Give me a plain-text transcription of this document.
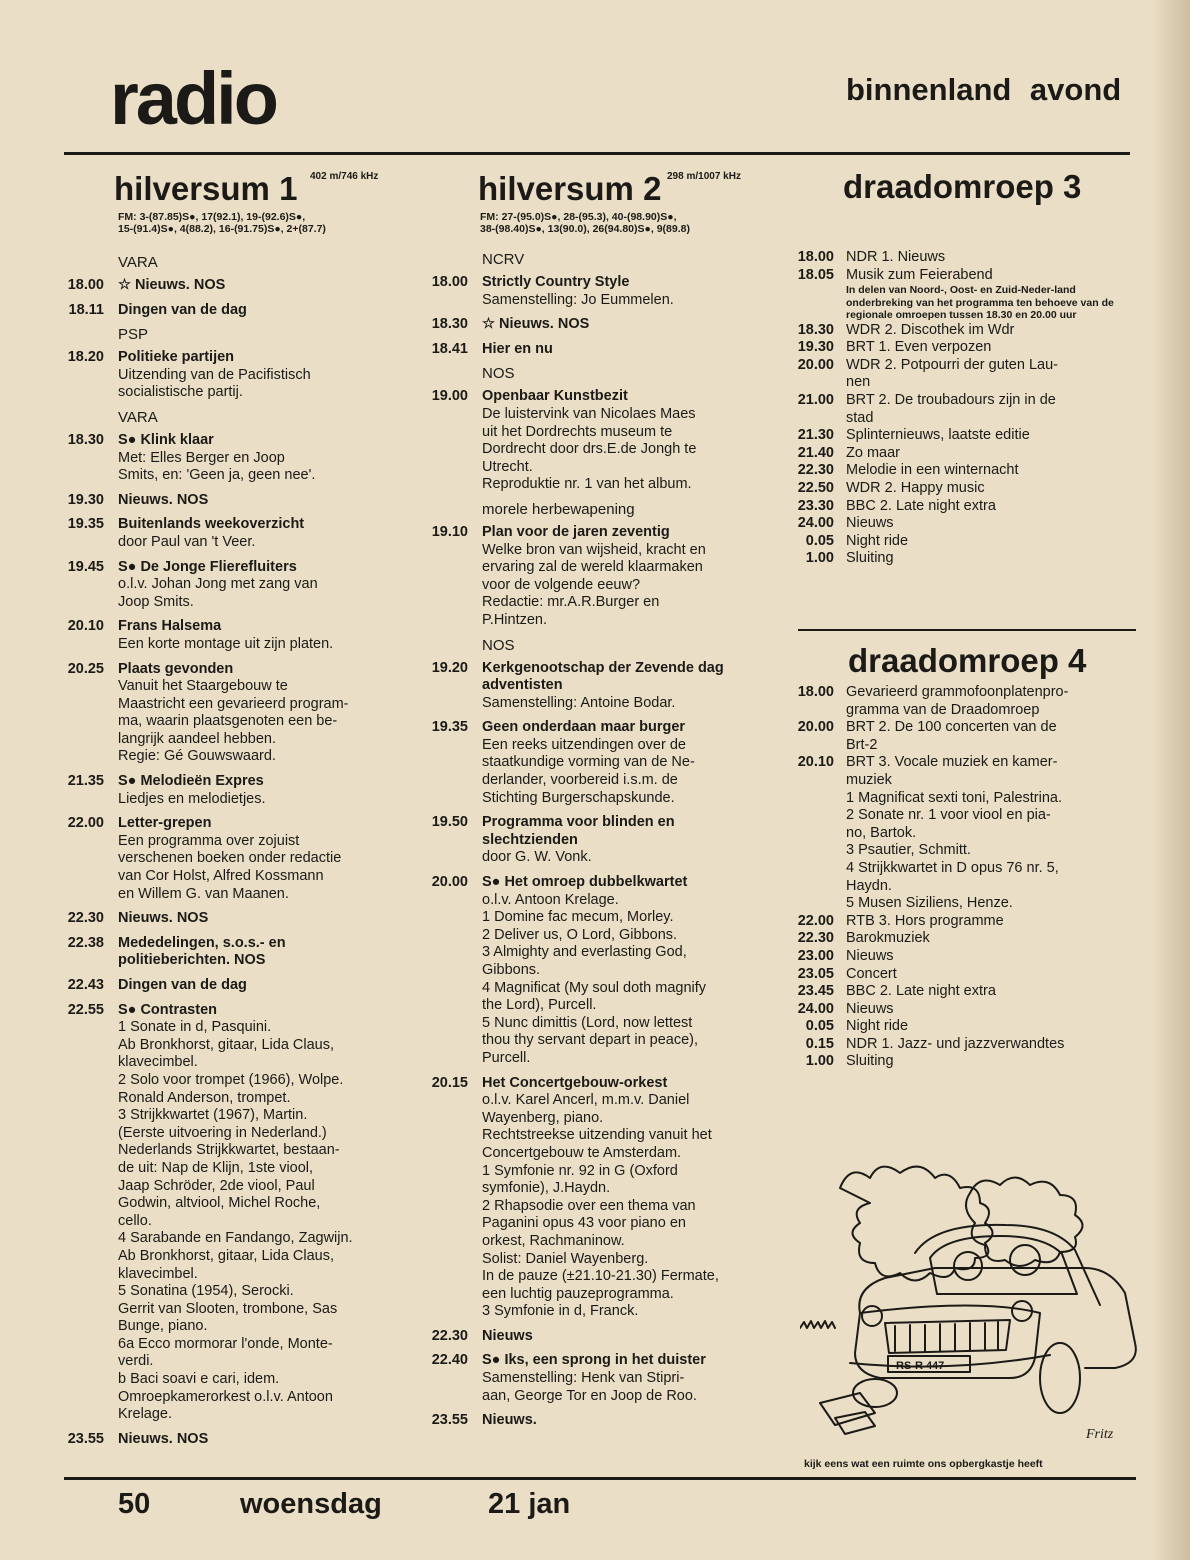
radio	binnenland avond
hilversum 1 402 m/746 kHz
FM: 3-(87.85)S●, 17(92.1), 19-(92.6)S●,
15-(91.4)S●, 4(88.2), 16-(91.75)S●, 2+(87.7)
hilversum 2 298 m/1007 kHz
FM: 27-(95.0)S●, 28-(95.3), 40-(98.90)S●,
38-(98.40)S●, 13(90.0), 26(94.80)S●, 9(89.8)
draadomroep 3
VARA
18.00 ☆ Nieuws. NOS
18.11 Dingen van de dag
PSP
18.20 Politieke partijen
Uitzending van de Pacifistisch
socialistische partij.
VARA
18.30 S● Klink klaar
Met: Elles Berger en Joop
Smits, en: 'Geen ja, geen nee'.
19.30 Nieuws. NOS
19.35 Buitenlands weekoverzicht
door Paul van 't Veer.
19.45 S● De Jonge Flierefluiters
o.l.v. Johan Jong met zang van
Joop Smits.
20.10 Frans Halsema
Een korte montage uit zijn platen.
20.25 Plaats gevonden
Vanuit het Staargebouw te
Maastricht een gevarieerd program-
ma, waarin plaatsgenoten een be-
langrijk aandeel hebben.
Regie: Gé Gouwswaard.
21.35 S● Melodieën Expres
Liedjes en melodietjes.
22.00 Letter-grepen
Een programma over zojuist
verschenen boeken onder redactie
van Cor Holst, Alfred Kossmann
en Willem G. van Maanen.
22.30 Nieuws. NOS
22.38 Mededelingen, s.o.s.- en
politieberichten. NOS
22.43 Dingen van de dag
22.55 S● Contrasten
1 Sonate in d, Pasquini.
Ab Bronkhorst, gitaar, Lida Claus,
klavecimbel.
2 Solo voor trompet (1966), Wolpe.
Ronald Anderson, trompet.
3 Strijkkwartet (1967), Martin.
(Eerste uitvoering in Nederland.)
Nederlands Strijkkwartet, bestaan-
de uit: Nap de Klijn, 1ste viool,
Jaap Schröder, 2de viool, Paul
Godwin, altviool, Michel Roche,
cello.
4 Sarabande en Fandango, Zagwijn.
Ab Bronkhorst, gitaar, Lida Claus,
klavecimbel.
5 Sonatina (1954), Serocki.
Gerrit van Slooten, trombone, Sas
Bunge, piano.
6a Ecco mormorar l'onde, Monte-
verdi.
b Baci soavi e cari, idem.
Omroepkamerorkest o.l.v. Antoon
Krelage.
23.55 Nieuws. NOS
NCRV
18.00 Strictly Country Style
Samenstelling: Jo Eummelen.
18.30 ☆ Nieuws. NOS
18.41 Hier en nu
NOS
19.00 Openbaar Kunstbezit
De luistervink van Nicolaes Maes
uit het Dordrechts museum te
Dordrecht door drs.E.de Jongh te
Utrecht.
Reproduktie nr. 1 van het album.
morele herbewapening
19.10 Plan voor de jaren zeventig
Welke bron van wijsheid, kracht en
ervaring zal de wereld klaarmaken
voor de volgende eeuw?
Redactie: mr.A.R.Burger en
P.Hintzen.
NOS
19.20 Kerkgenootschap der Zevende dag
adventisten
Samenstelling: Antoine Bodar.
19.35 Geen onderdaan maar burger
Een reeks uitzendingen over de
staatkundige vorming van de Ne-
derlander, voorbereid i.s.m. de
Stichting Burgerschapskunde.
19.50 Programma voor blinden en
slechtzienden
door G. W. Vonk.
20.00 S● Het omroep dubbelkwartet
o.l.v. Antoon Krelage.
1 Domine fac mecum, Morley.
2 Deliver us, O Lord, Gibbons.
3 Almighty and everlasting God,
Gibbons.
4 Magnificat (My soul doth magnify
the Lord), Purcell.
5 Nunc dimittis (Lord, now lettest
thou thy servant depart in peace),
Purcell.
20.15 Het Concertgebouw-orkest
o.l.v. Karel Ancerl, m.m.v. Daniel
Wayenberg, piano.
Rechtstreekse uitzending vanuit het
Concertgebouw te Amsterdam.
1 Symfonie nr. 92 in G (Oxford
symfonie), J.Haydn.
2 Rhapsodie over een thema van
Paganini opus 43 voor piano en
orkest, Rachmaninow.
Solist: Daniel Wayenberg.
In de pauze (±21.10-21.30) Fermate,
een luchtig pauzeprogramma.
3 Symfonie in d, Franck.
22.30 Nieuws
22.40 S● Iks, een sprong in het duister
Samenstelling: Henk van Stipri-
aan, George Tor en Joop de Roo.
23.55 Nieuws.
18.00 NDR 1. Nieuws
18.05 Musik zum Feierabend
In delen van Noord-, Oost- en Zuid-Neder-land onderbreking van het programma ten behoeve van de regionale omroepen tussen 18.30 en 20.00 uur
18.30 WDR 2. Discothek im Wdr
19.30 BRT 1. Even verpozen
20.00 WDR 2. Potpourri der guten Lau-
nen
21.00 BRT 2. De troubadours zijn in de
stad
21.30 Splinternieuws, laatste editie
21.40 Zo maar
22.30 Melodie in een winternacht
22.50 WDR 2. Happy music
23.30 BBC 2. Late night extra
24.00 Nieuws
0.05 Night ride
1.00 Sluiting
draadomroep 4
18.00 Gevarieerd grammofoonplatenpro-
gramma van de Draadomroep
20.00 BRT 2. De 100 concerten van de
Brt-2
20.10 BRT 3. Vocale muziek en kamer-
muziek
1 Magnificat sexti toni, Palestrina.
2 Sonate nr. 1 voor viool en pia-
no, Bartok.
3 Psautier, Schmitt.
4 Strijkkwartet in D opus 76 nr. 5,
Haydn.
5 Musen Siziliens, Henze.
22.00 RTB 3. Hors programme
22.30 Barokmuziek
23.00 Nieuws
23.05 Concert
23.45 BBC 2. Late night extra
24.00 Nieuws
0.05 Night ride
0.15 NDR 1. Jazz- und jazzverwandtes
1.00 Sluiting
RS-R 447
Fritz
kijk eens wat een ruimte ons opbergkastje heeft
50	woensdag	21 jan
